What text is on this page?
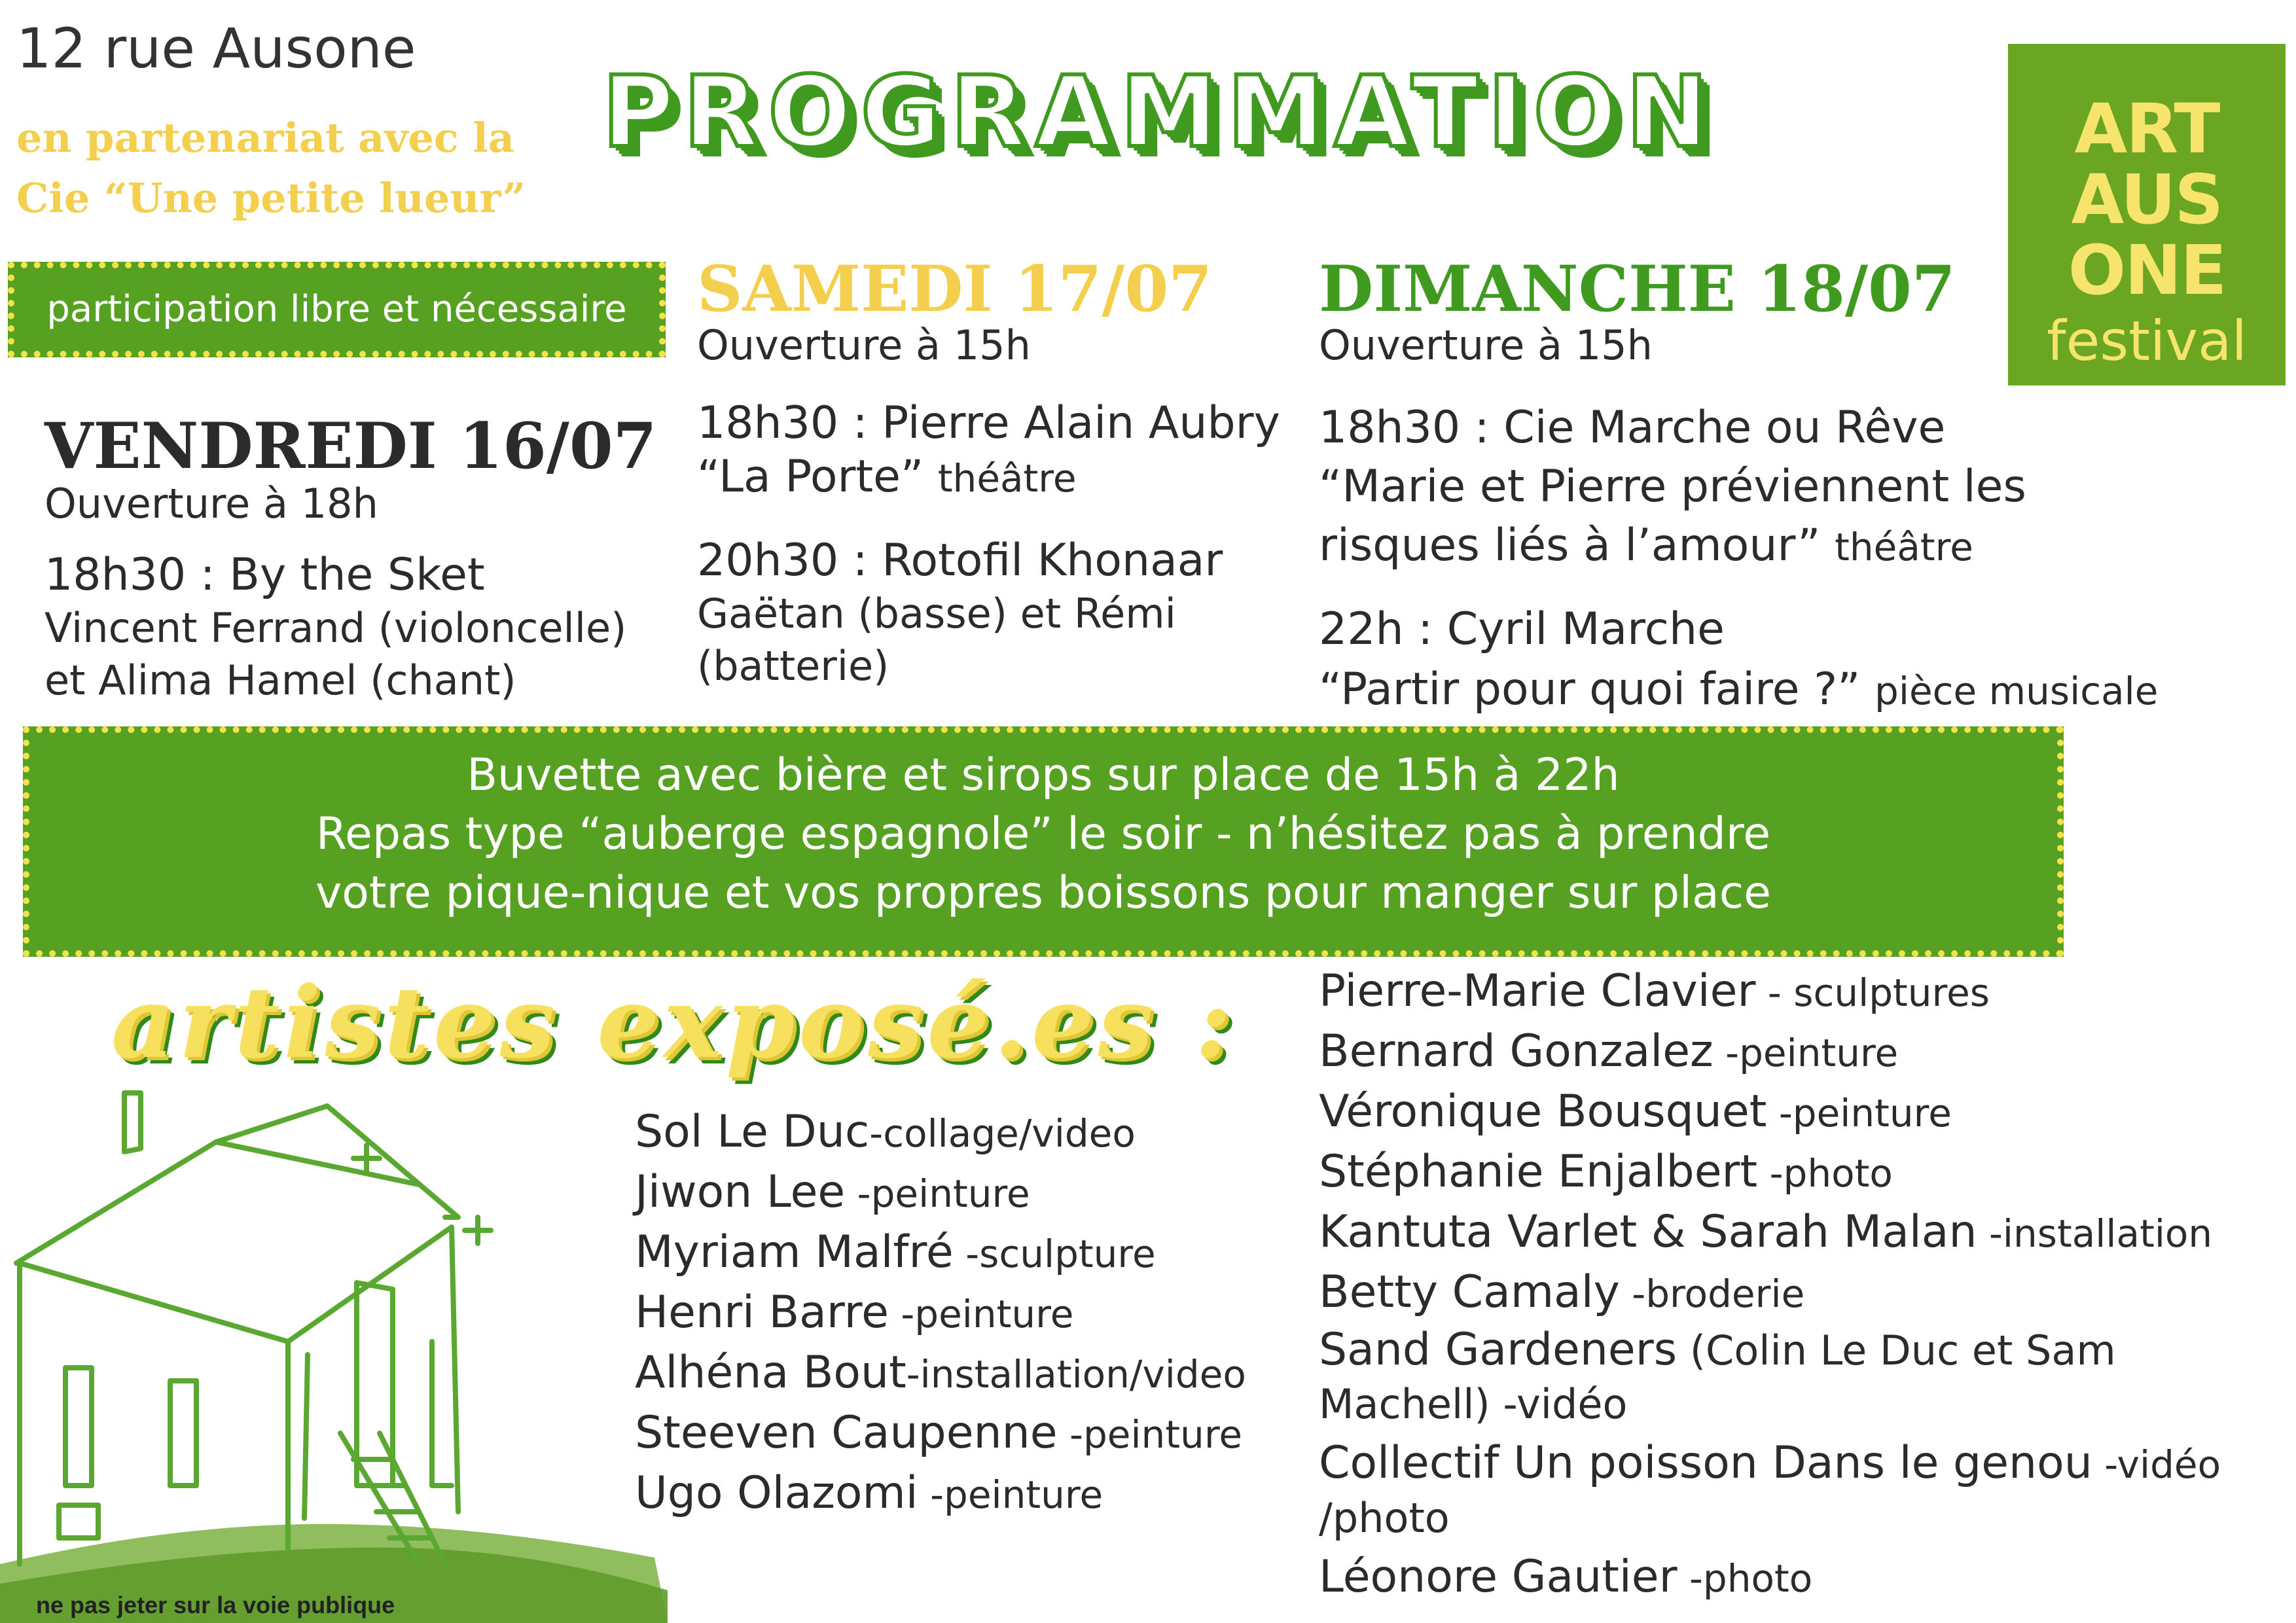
12 rue Ausone
en partenariat avec la
Cie “Une petite lueur”
PROGRAMMATION	ART
AUS
ONE
festival
participation libre et nécessaire
VENDREDI 16/07
Ouverture à 18h
18h30 : By the Sket
Vincent Ferrand (violoncelle)
et Alima Hamel (chant)
SAMEDI 17/07
Ouverture à 15h
18h30 : Pierre Alain Aubry
“La Porte” théâtre
20h30 : Rotofil Khonaar
Gaëtan (basse) et Rémi
(batterie)
DIMANCHE 18/07
Ouverture à 15h
18h30 : Cie Marche ou Rêve
“Marie et Pierre préviennent les
risques liés à l’amour” théâtre
22h : Cyril Marche
“Partir pour quoi faire ?” pièce musicale
Buvette avec bière et sirops sur place de 15h à 22h
Repas type “auberge espagnole” le soir - n’hésitez pas à prendre
votre pique-nique et vos propres boissons pour manger sur place
artistes exposé.es :
Sol Le Duc-collage/video
Jiwon Lee -peinture
Myriam Malfré -sculpture
Henri Barre -peinture
Alhéna Bout-installation/video
Steeven Caupenne -peinture
Ugo Olazomi -peinture
Pierre-Marie Clavier - sculptures
Bernard Gonzalez -peinture
Véronique Bousquet -peinture
Stéphanie Enjalbert -photo
Kantuta Varlet & Sarah Malan -installation
Betty Camaly -broderie
Sand Gardeners (Colin Le Duc et Sam
Machell) -vidéo
Collectif Un poisson Dans le genou -vidéo
/photo
Léonore Gautier -photo
ne pas jeter sur la voie publique
